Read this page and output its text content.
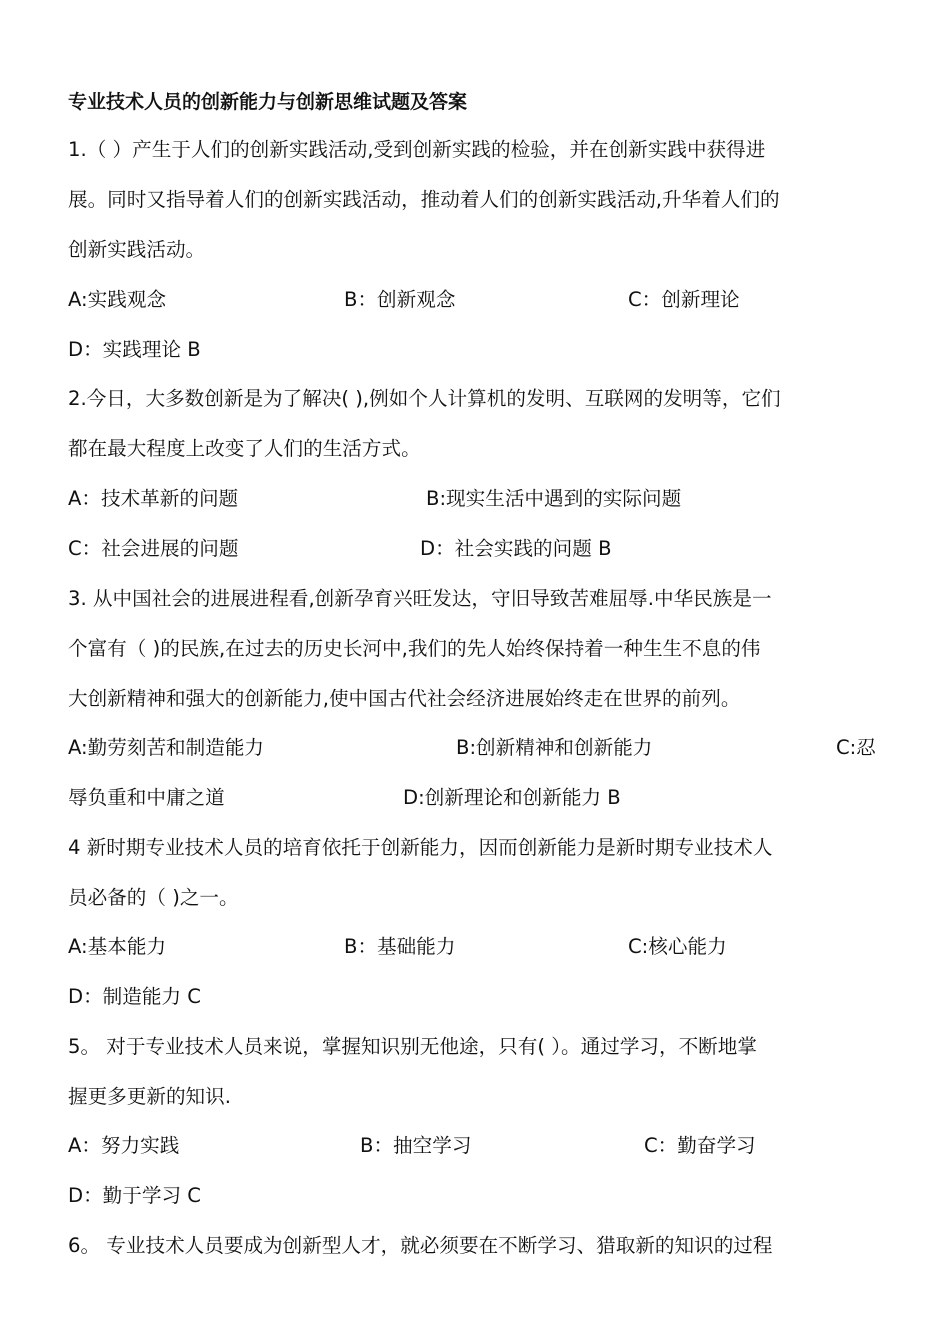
专业技术人员的创新能力与创新思维试题及答案
1.（ ）产生于人们的创新实践活动,受到创新实践的检验，并在创新实践中获得进
展。同时又指导着人们的创新实践活动，推动着人们的创新实践活动,升华着人们的
创新实践活动。
A:实践观念	B：创新观念	C：创新理论
D：实践理论 B
2.今日，大多数创新是为了解决( ),例如个人计算机的发明、互联网的发明等，它们
都在最大程度上改变了人们的生活方式。
A：技术革新的问题	B:现实生活中遇到的实际问题
C：社会进展的问题	D：社会实践的问题 B
3. 从中国社会的进展进程看,创新孕育兴旺发达，守旧导致苦难屈辱.中华民族是一
个富有（ )的民族,在过去的历史长河中,我们的先人始终保持着一种生生不息的伟
大创新精神和强大的创新能力,使中国古代社会经济进展始终走在世界的前列。
A:勤劳刻苦和制造能力	B:创新精神和创新能力	C:忍
辱负重和中庸之道	D:创新理论和创新能力 B
4 新时期专业技术人员的培育依托于创新能力，因而创新能力是新时期专业技术人
员必备的（ )之一。
A:基本能力	B：基础能力	C:核心能力
D：制造能力 C
5。 对于专业技术人员来说，掌握知识别无他途，只有( ）。通过学习，不断地掌
握更多更新的知识.
A：努力实践	B：抽空学习	C：勤奋学习
D：勤于学习 C
6。 专业技术人员要成为创新型人才，就必须要在不断学习、猎取新的知识的过程
